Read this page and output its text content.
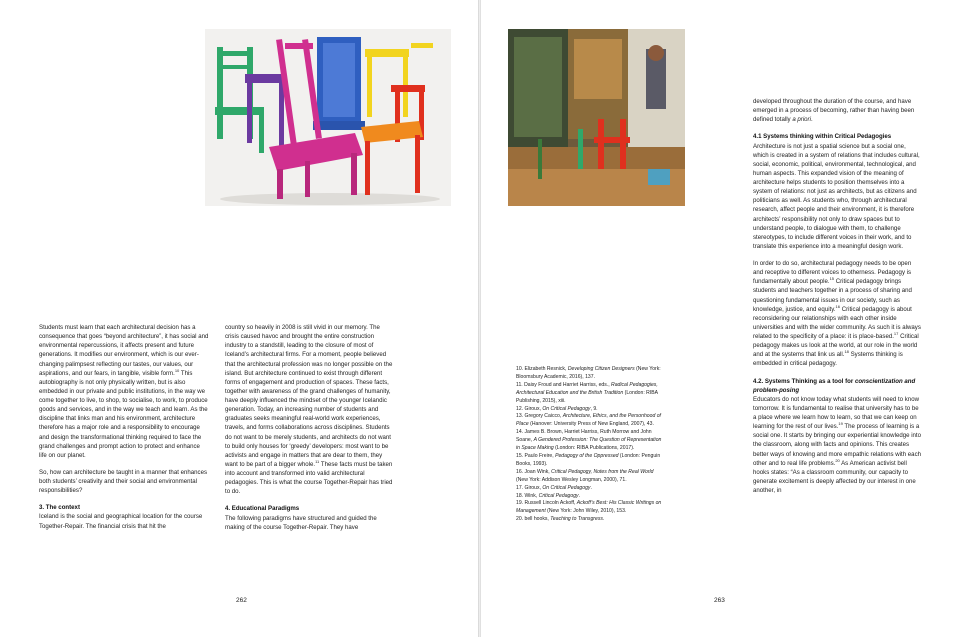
Students must learn that each architectural decision has a consequence that goes “beyond architecture”, it has social and environmental repercussions, it affects present and future generations. It modifies our environment, which is our ever-changing palimpsest reflecting our tastes, our values, our aspirations, and our fears, in tangible, visible form.$^{10}$ This autobiography is not only physically written, but is also embedded in our private and public institutions, in the way we come together to live, to shop, to socialise, to work, to produce goods and services, and in the way we teach and learn. As the discipline that links man and his environment, architecture therefore has a major role and a responsibility to encourage and design the transformational thinking required to face the grand challenges and prompt action to protect and enhance life on our planet.

So, how can architecture be taught in a manner that enhances both students’ creativity and their social and environmental responsibilities?

3. The context

Iceland is the social and geographical location for the course Together-Repair. The financial crisis that hit the

country so heavily in 2008 is still vivid in our memory. The crisis caused havoc and brought the entire construction industry to a standstill, leading to the closure of most of Iceland’s architectural firms. For a moment, people believed that the architectural profession was no longer possible on the island. But architecture continued to exist through different forms of engagement and production of spaces. These facts, together with awareness of the grand challenges of humanity, have deeply influenced the mindset of the younger Icelandic generation. Today, an increasing number of students and graduates seeks meaningful real-world work experiences, travels, and forms collaborations across disciplines. Students do not want to be merely students, and architects do not want to build only houses for ‘greedy’ developers: most want to be activists and engage in matters that are dear to them, they want to be part of a bigger whole.$^{11}$ These facts must be taken into account and transformed into valid architectural pedagogies. This is what the course Together-Repair has tried to do.

4. Educational Paradigms

The following paradigms have structured and guided the making of the course Together-Repair. They have

262
10. Elizabeth Resnick, Developing Citizen Designers (New York: Bloomsbury Academic, 2016), 137.
11. Daisy Froud and Harriet Harriss, eds., Radical Pedagogies, Architectural Education and the British Tradition (London: RIBA Publishing, 2015), xiii.
12. Giroux, On Critical Pedagogy, 9.
13. Gregory Caicco, Architecture, Ethics, and the Personhood of Place (Hanover: University Press of New England, 2007), 43.
14. James B. Brown, Harriet Harriss, Ruth Morrow and John Soane, A Gendered Profession: The Question of Representation in Space Making (London: RIBA Publications, 2017).
15. Paulo Freire, Pedagogy of the Oppressed (London: Penguin Books, 1993).
16. Joan Wink, Critical Pedagogy, Notes from the Real World (New York: Addison Wesley Longman, 2000), 71.
17. Giroux, On Critical Pedagogy.
18. Wink, Critical Pedagogy.
19. Russell Lincoln Ackoff, Ackoff’s Best: His Classic Writings on Management (New York: John Wiley, 2010), 153.
20. bell hooks, Teaching to Transgress.

developed throughout the duration of the course, and have emerged in a process of becoming, rather than having been defined totally a priori.

4.1 Systems thinking within Critical Pedagogies

Architecture is not just a spatial science but a social one, which is created in a system of relations that includes cultural, social, economic, political, environmental, technological, and human aspects. This expanded vision of the meaning of architecture helps students to position themselves into a system of relations: not just as architects, but as citizens and politicians as well. As students who, through architectural research, affect people and their environment, it is therefore architects’ responsibility not only to draw spaces but to understand people, to dialogue with them, to challenge stereotypes, to include different voices in their work, and to translate this experience into a meaningful design work.

In order to do so, architectural pedagogy needs to be open and receptive to different voices to otherness. Pedagogy is fundamentally about people.$^{15}$ Critical pedagogy brings students and teachers together in a process of sharing and questioning fundamental issues in our society, such as knowledge, justice, and equity.$^{16}$ Critical pedagogy is about reconsidering our relationships with each other inside universities and with the wider community. As such it is always related to the specificity of a place: it is place-based.$^{17}$ Critical pedagogy makes us look at the world, at our role in the world and at the systems that link us all.$^{18}$ Systems thinking is embedded in critical pedagogy.

4.2. Systems Thinking as a tool for conscientization and problem-posing

Educators do not know today what students will need to know tomorrow. It is fundamental to realise that university has to be a place where we learn how to learn, so that we can keep on learning for the rest of our lives.$^{19}$ The process of learning is a social one. It starts by bringing our experiential knowledge into the classroom, along with facts and opinions. This creates better ways of knowing and more empathic relations with each other and to real life problems.$^{20}$ As American activist bell hooks states: “As a classroom community, our capacity to generate excitement is deeply affected by our interest in one another, in

263
